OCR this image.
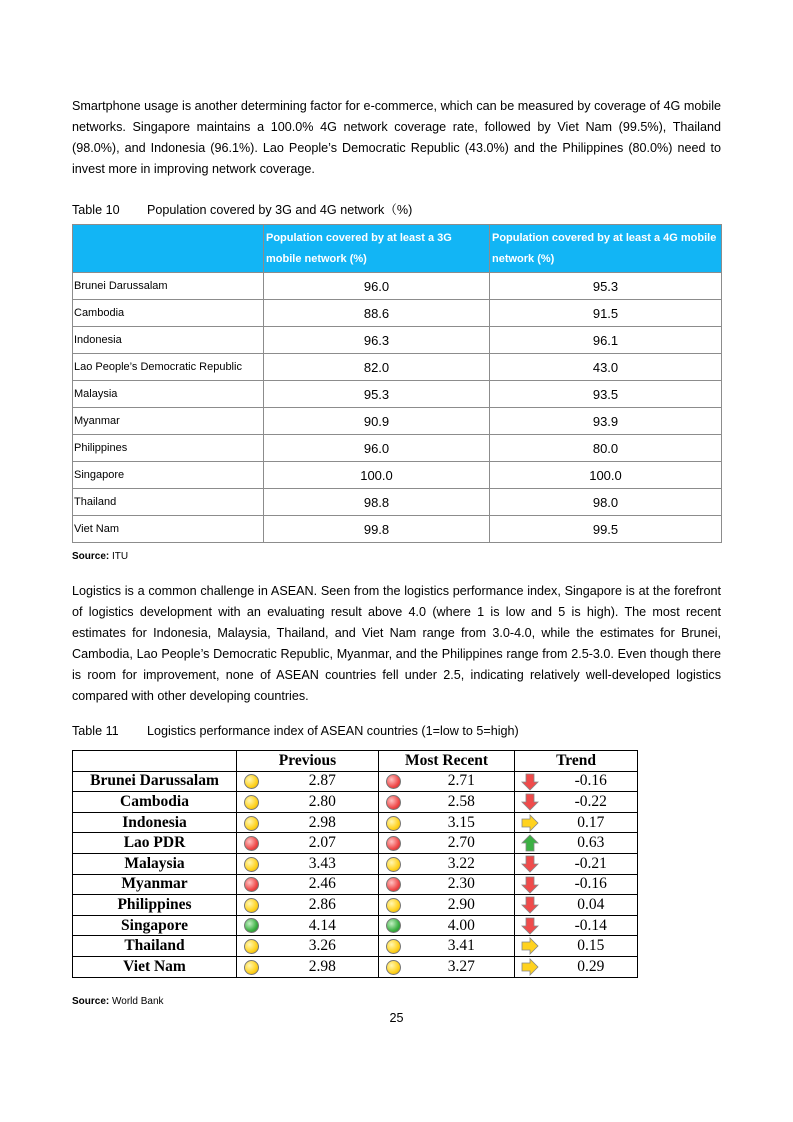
Smartphone usage is another determining factor for e-commerce, which can be measured by coverage of 4G mobile networks. Singapore maintains a 100.0% 4G network coverage rate, followed by Viet Nam (99.5%), Thailand (98.0%), and Indonesia (96.1%). Lao People’s Democratic Republic (43.0%) and the Philippines (80.0%) need to invest more in improving network coverage.

Table 10 Population covered by 3G and 4G network（%)
	Population covered by at least a 3G mobile network (%)	Population covered by at least a 4G mobile network (%)
Brunei Darussalam	96.0	95.3
Cambodia	88.6	91.5
Indonesia	96.3	96.1
Lao People’s Democratic Republic	82.0	43.0
Malaysia	95.3	93.5
Myanmar	90.9	93.9
Philippines	96.0	80.0
Singapore	100.0	100.0
Thailand	98.8	98.0
Viet Nam	99.8	99.5
Source: ITU

Logistics is a common challenge in ASEAN. Seen from the logistics performance index, Singapore is at the forefront of logistics development with an evaluating result above 4.0 (where 1 is low and 5 is high). The most recent estimates for Indonesia, Malaysia, Thailand, and Viet Nam range from 3.0-4.0, while the estimates for Brunei, Cambodia, Lao People’s Democratic Republic, Myanmar, and the Philippines range from 2.5-3.0. Even though there is room for improvement, none of ASEAN countries fell under 2.5, indicating relatively well-developed logistics compared with other developing countries.

Table 11 Logistics performance index of ASEAN countries (1=low to 5=high)
	Previous		Most Recent		Trend	
Brunei Darussalam		2.87		2.71		-0.16
Cambodia		2.80		2.58		-0.22
Indonesia		2.98		3.15		0.17
Lao PDR		2.07		2.70		0.63
Malaysia		3.43		3.22		-0.21
Myanmar		2.46		2.30		-0.16
Philippines		2.86		2.90		0.04
Singapore		4.14		4.00		-0.14
Thailand		3.26		3.41		0.15
Viet Nam		2.98		3.27		0.29
Source: World Bank
25
